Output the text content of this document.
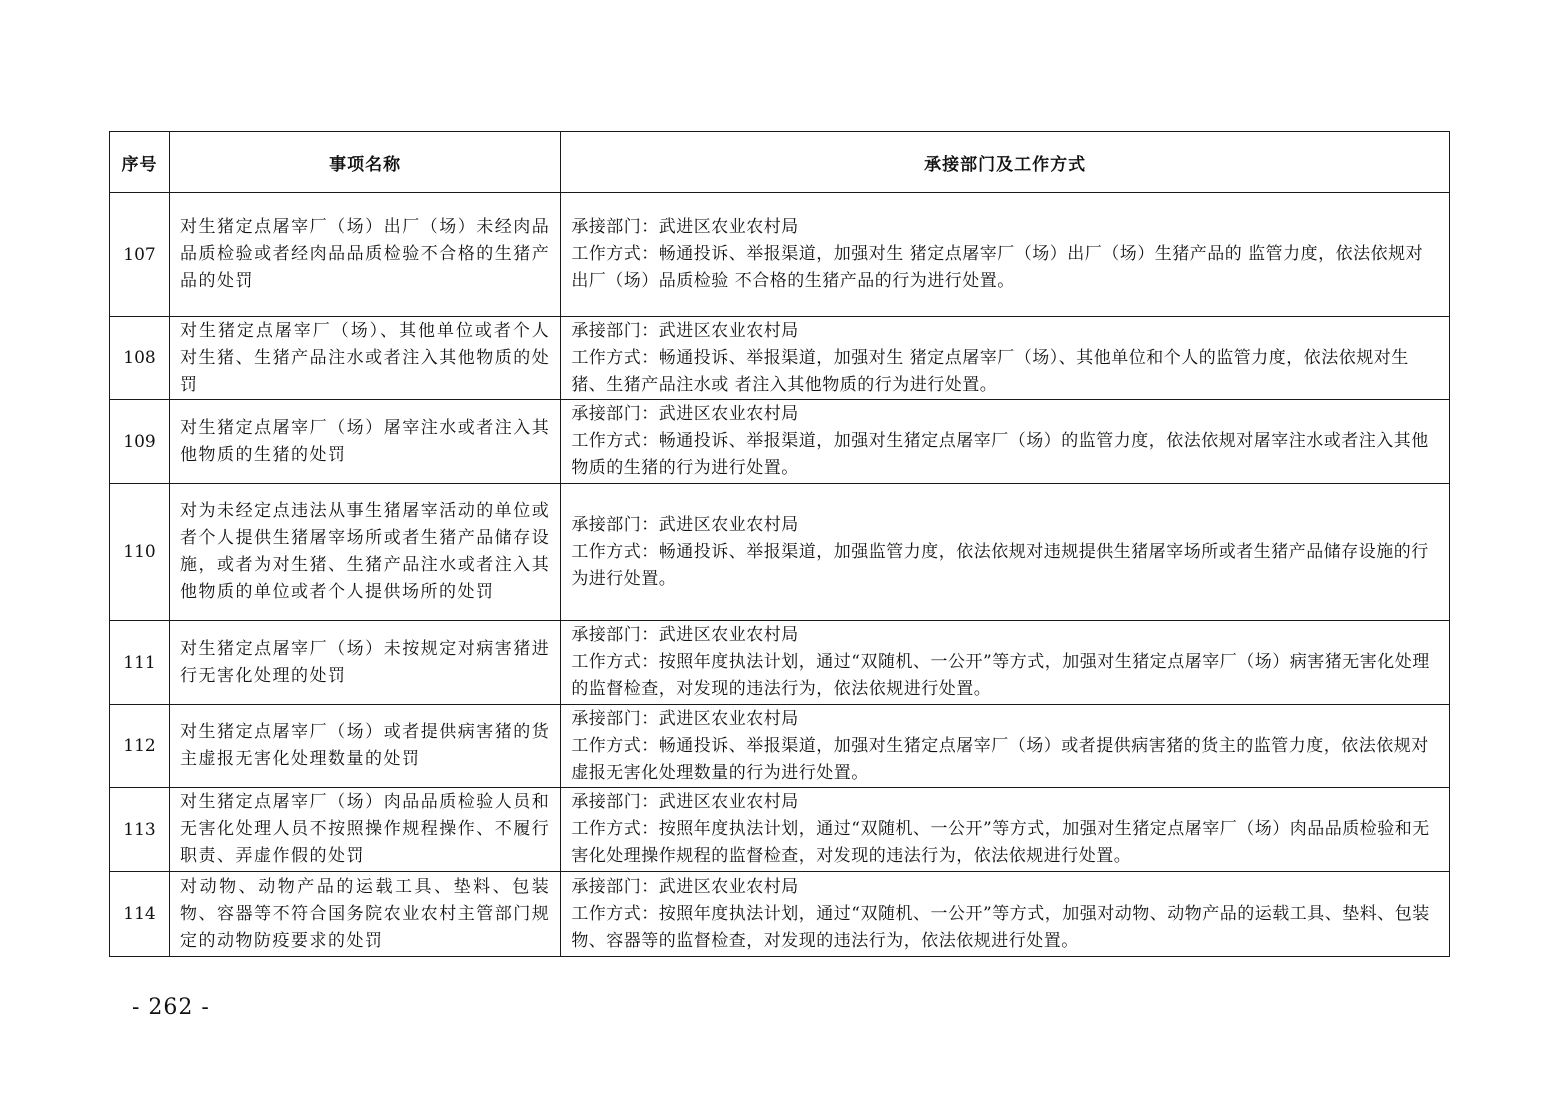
序号	事项名称	承接部门及工作方式
107	对生猪定点屠宰厂（场）出厂（场）未经肉品品质检验或者经肉品品质检验不合格的生猪产品的处罚	承接部门：武进区农业农村局
工作方式：畅通投诉、举报渠道，加强对生 猪定点屠宰厂（场）出厂（场）生猪产品的 监管力度，依法依规对出厂（场）品质检验 不合格的生猪产品的行为进行处置。

108	对生猪定点屠宰厂（场）、其他单位或者个人对生猪、生猪产品注水或者注入其他物质的处罚	承接部门：武进区农业农村局
工作方式：畅通投诉、举报渠道，加强对生 猪定点屠宰厂（场）、其他单位和个人的监管力度，依法依规对生猪、生猪产品注水或 者注入其他物质的行为进行处置。

109	对生猪定点屠宰厂（场）屠宰注水或者注入其他物质的生猪的处罚	承接部门：武进区农业农村局
工作方式：畅通投诉、举报渠道，加强对生猪定点屠宰厂（场）的监管力度，依法依规对屠宰注水或者注入其他物质的生猪的行为进行处置。

110	对为未经定点违法从事生猪屠宰活动的单位或者个人提供生猪屠宰场所或者生猪产品储存设施，或者为对生猪、生猪产品注水或者注入其他物质的单位或者个人提供场所的处罚	承接部门：武进区农业农村局
工作方式：畅通投诉、举报渠道，加强监管力度，依法依规对违规提供生猪屠宰场所或者生猪产品储存设施的行为进行处置。

111	对生猪定点屠宰厂（场）未按规定对病害猪进行无害化处理的处罚	承接部门：武进区农业农村局
工作方式：按照年度执法计划，通过“双随机、一公开”等方式，加强对生猪定点屠宰厂（场）病害猪无害化处理的监督检查，对发现的违法行为，依法依规进行处置。

112	对生猪定点屠宰厂（场）或者提供病害猪的货主虚报无害化处理数量的处罚	承接部门：武进区农业农村局
工作方式：畅通投诉、举报渠道，加强对生猪定点屠宰厂（场）或者提供病害猪的货主的监管力度，依法依规对虚报无害化处理数量的行为进行处置。

113	对生猪定点屠宰厂（场）肉品品质检验人员和无害化处理人员不按照操作规程操作、不履行职责、弄虚作假的处罚	承接部门：武进区农业农村局
工作方式：按照年度执法计划，通过“双随机、一公开”等方式，加强对生猪定点屠宰厂（场）肉品品质检验和无害化处理操作规程的监督检查，对发现的违法行为，依法依规进行处置。

114	对动物、动物产品的运载工具、垫料、包装物、容器等不符合国务院农业农村主管部门规定的动物防疫要求的处罚	承接部门：武进区农业农村局
工作方式：按照年度执法计划，通过“双随机、一公开”等方式，加强对动物、动物产品的运载工具、垫料、包装物、容器等的监督检查，对发现的违法行为，依法依规进行处置。
- 262 -
